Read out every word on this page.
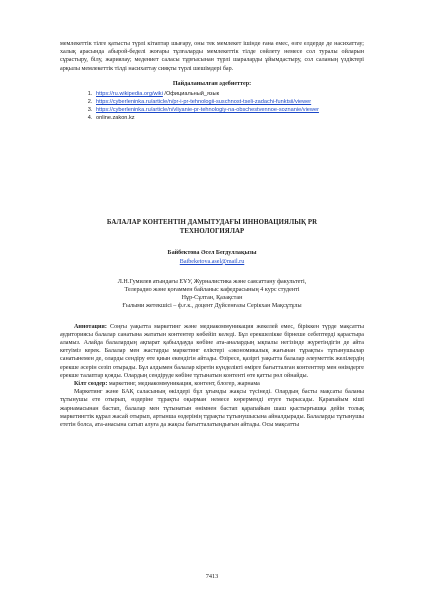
мемлекеттік тілге қатысты түрлі кітаптар шығару, оны тек мемлекет ішінде ғана емес, өзге елдерде де насихаттау; халық арасында абырой-беделі жоғары тұлғаларды мемлекеттік тілде сөйлету немесе сол туралы ойларын сұрастыру, білу, жариялау; медениет саласы тұрғысынан түрлі шараларды ұйымдастыру, сол саланың үздіктері арқылы мемлекеттік тілді насихаттау сияқты түрлі шешімдері бар.

Пайдаланылған әдебиеттер:
1. https://ru.wikipedia.org/wiki /Официальный_язык
2. https://cyberleninka.ru/article/n/pr-i-pr-tehnologii-suschnost-tseli-zadachi-funktsii/viewer
3. https://cyberleninka.ru/article/n/vliyanie-pr-tehnologiy-na-obschestvennoe-soznanie/viewer
4. online.zakon.kz
БАЛАЛАР КОНТЕНТІН ДАМЫТУДАҒЫ ИННОВАЦИЯЛЫҚ PR
ТЕХНОЛОГИЯЛАР
Байбектова Әсел Бегдуллақызы
Baibeketova.asel@mail.ru
Л.Н.Гумилев атындағы ЕҰУ, Журналистика және саясаттану факультеті,
Телерадио және қоғаммен байланыс кафедрасының 4 курс студенті
Нұр-Сұлтан, Қазақстан
Ғылыми жетекшісі – ф.ғ.к., доцент Дүйсенғазы Серікхан Мақсұтұлы

Аннотация: Соңғы уақытта маркетинг және медиакоммуникация жекелей емес, біріккен түрде мақсатты аудиториясы балалар санатына жататын контентер көбейіп келеді. Бұл ерекшелікке бірнеше себептерді қарастыра аламыз. Алайда балалардың ақпарат қабылдауда көбіне ата-аналардың ықпалы негізінде жүретіндігін де айта кетуіміз керек. Балалар мен жастарды маркетинг еліктері «экономикалық жағынан тұрақты» тұтынушылар санатынемен де, оларды сендіру өте қиын екендігін айтады. Өзіресе, қазіргі уақытта балалар әлеуметтік желілердің ерекше әсерін сезіп отырады. Бұл алдымен балалар кіретін күнделікті өмірге бағытталған контенттер мен өнімдерге ерекше талаптар қояды. Олардың сендіруде көбіне тұтынатын контенті өте қатты рөл ойнайды.

Кілт сөздер: маркетинг, медиакоммуникация, контент, блогер, жарнама

Маркетинг және БАҚ саласының өкілдері бұл ұғымды жақсы түсінеді. Олардың басты мақсаты баланы тұтынушы ете отырып, өздеріне тұрақты оқырман немесе көрерменді етуге тырысады. Қарапайым кіші жарнамасынан бастап, балалар мен тұтынатын өнімнен бастап қарапайым шаш қыстырғышқа дейін толық маркетингтік құрал жасай отырып, артынша өздерінің тұрақты тұтынушысына айналдырады. Балаларды тұтынушы ететін болса, ата-анасына сатып алуға да жақсы бағытталатындығын айтады. Осы мақсатты

7413
